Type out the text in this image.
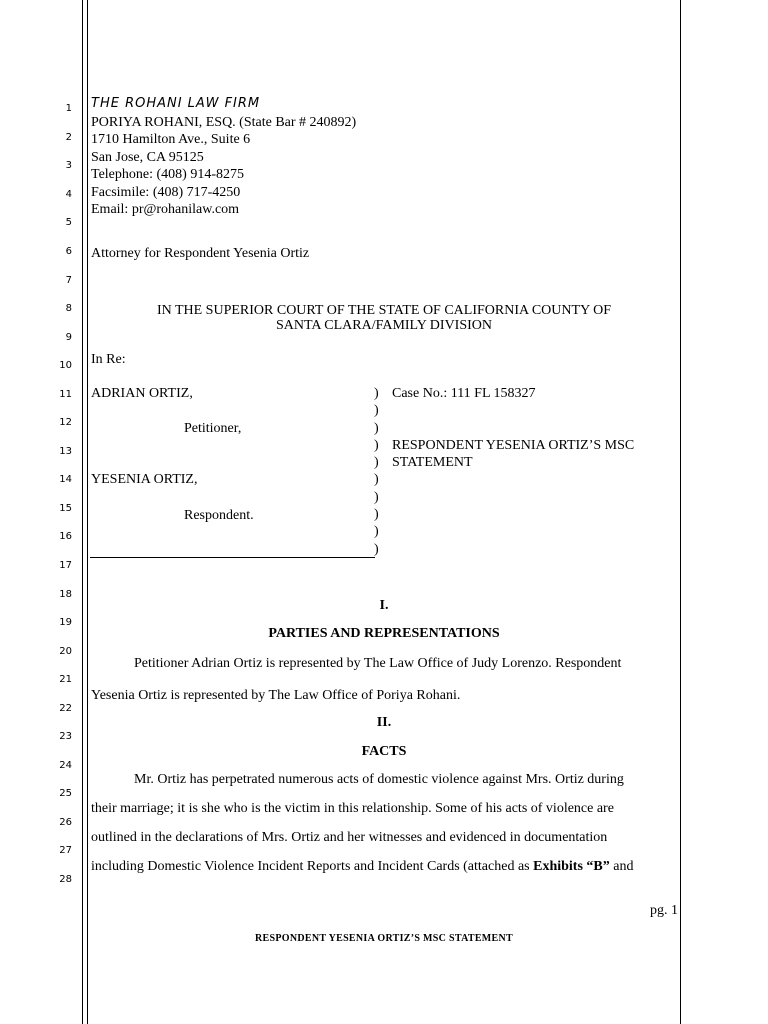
1
2
3
4
5
6
7
8
9
10
11
12
13
14
15
16
17
18
19
20
21
22
23
24
25
26
27
28
THE ROHANI LAW FIRM
PORIYA ROHANI, ESQ. (State Bar # 240892)
1710 Hamilton Ave., Suite 6
San Jose, CA 95125
Telephone: (408) 914-8275
Facsimile: (408) 717-4250
Email: pr@rohanilaw.com
Attorney for Respondent Yesenia Ortiz
IN THE SUPERIOR COURT OF THE STATE OF CALIFORNIA COUNTY OF
SANTA CLARA/FAMILY DIVISION
In Re:
ADRIAN ORTIZ,
Petitioner,
YESENIA ORTIZ,
Respondent.
)
)
)
)
)
)
)
)
)
)
Case No.: 111 FL 158327
RESPONDENT YESENIA ORTIZ’S MSC
STATEMENT
I.
PARTIES AND REPRESENTATIONS
Petitioner Adrian Ortiz is represented by The Law Office of Judy Lorenzo. Respondent
Yesenia Ortiz is represented by The Law Office of Poriya Rohani.
II.
FACTS
Mr. Ortiz has perpetrated numerous acts of domestic violence against Mrs. Ortiz during
their marriage; it is she who is the victim in this relationship. Some of his acts of violence are
outlined in the declarations of Mrs. Ortiz and her witnesses and evidenced in documentation
including Domestic Violence Incident Reports and Incident Cards (attached as Exhibits “B” and
pg. 1
RESPONDENT YESENIA ORTIZ’S MSC STATEMENT
